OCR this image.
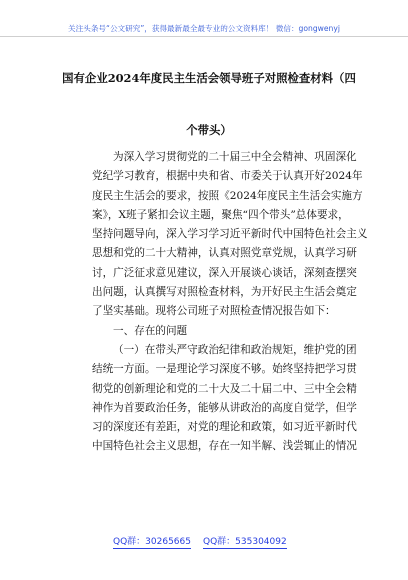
关注头条号“公文研究”，获得最新最全最专业的公文资料库！ 微信：gongwenyj
国有企业2024年度民主生活会领导班子对照检查材料（四
个带头）
为深入学习贯彻党的二十届三中全会精神、巩固深化
党纪学习教育，根据中央和省、市委关于认真开好2024年
度民主生活会的要求，按照《2024年度民主生活会实施方
案》，X班子紧扣会议主题，聚焦“四个带头”总体要求，
坚持问题导向，深入学习学习近平新时代中国特色社会主义
思想和党的二十大精神，认真对照党章党规，认真学习研
讨，广泛征求意见建议，深入开展谈心谈话，深刻查摆突
出问题，认真撰写对照检查材料，为开好民主生活会奠定
了坚实基础。现将公司班子对照检查情况报告如下：
一、存在的问题
（一）在带头严守政治纪律和政治规矩，维护党的团
结统一方面。一是理论学习深度不够。始终坚持把学习贯
彻党的创新理论和党的二十大及二十届二中、三中全会精
神作为首要政治任务，能够从讲政治的高度自觉学，但学
习的深度还有差距，对党的理论和政策，如习近平新时代
中国特色社会主义思想，存在一知半解、浅尝辄止的情况
QQ群：30265665 QQ群：535304092
